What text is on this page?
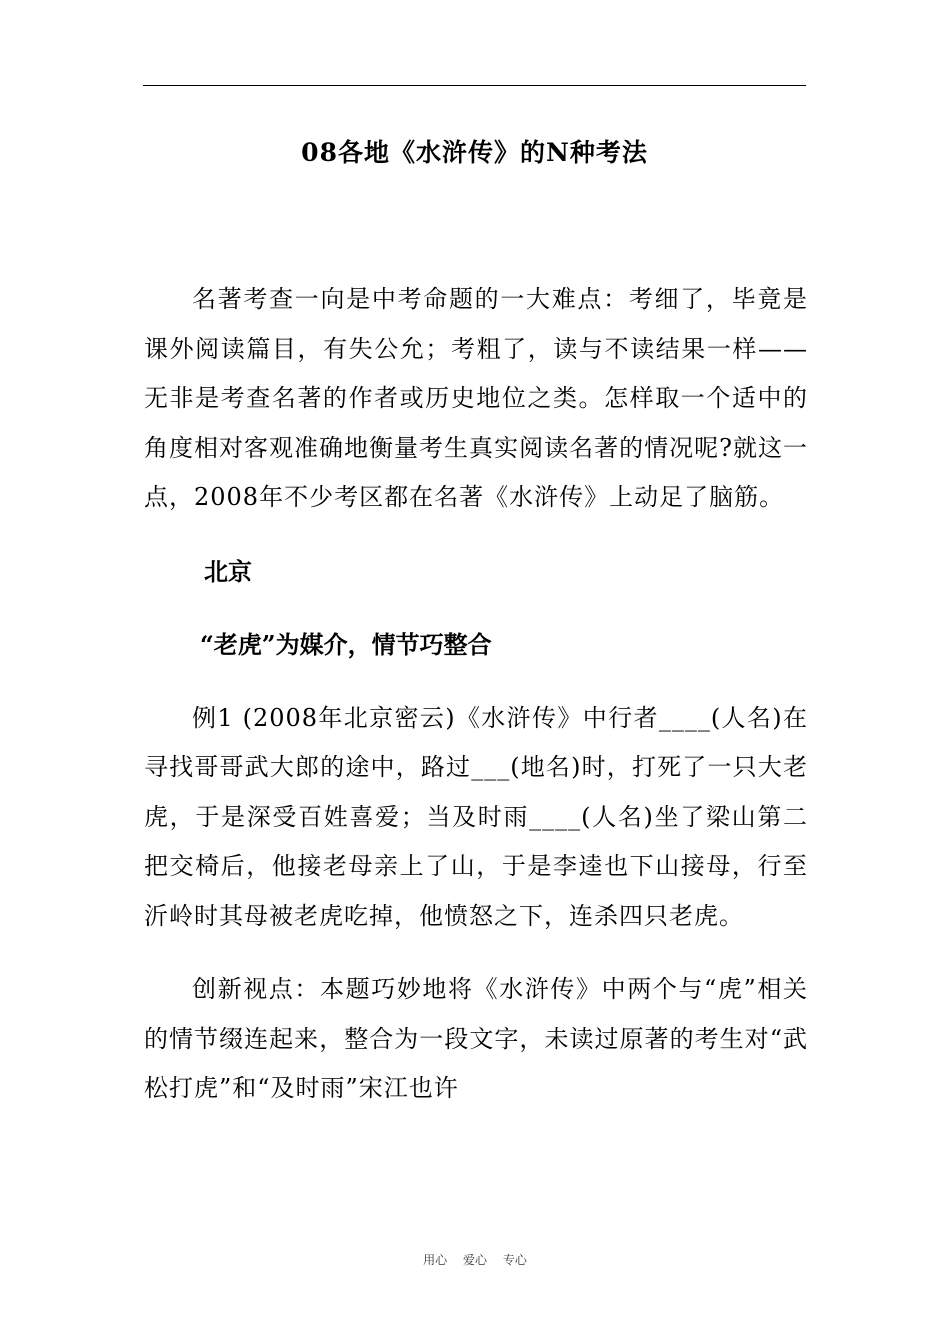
08各地《水浒传》的N种考法

名著考查一向是中考命题的一大难点：考细了，毕竟是课外阅读篇目，有失公允；考粗了，读与不读结果一样——无非是考查名著的作者或历史地位之类。怎样取一个适中的角度相对客观准确地衡量考生真实阅读名著的情况呢?就这一点，2008年不少考区都在名著《水浒传》上动足了脑筋。

北京
“老虎”为媒介，情节巧整合

例1 (2008年北京密云)《水浒传》中行者____(人名)在寻找哥哥武大郎的途中，路过___(地名)时，打死了一只大老虎，于是深受百姓喜爱；当及时雨____(人名)坐了梁山第二把交椅后，他接老母亲上了山，于是李逵也下山接母，行至沂岭时其母被老虎吃掉，他愤怒之下，连杀四只老虎。

创新视点：本题巧妙地将《水浒传》中两个与“虎”相关的情节缀连起来，整合为一段文字，未读过原著的考生对“武松打虎”和“及时雨”宋江也许

用心 爱心 专心
